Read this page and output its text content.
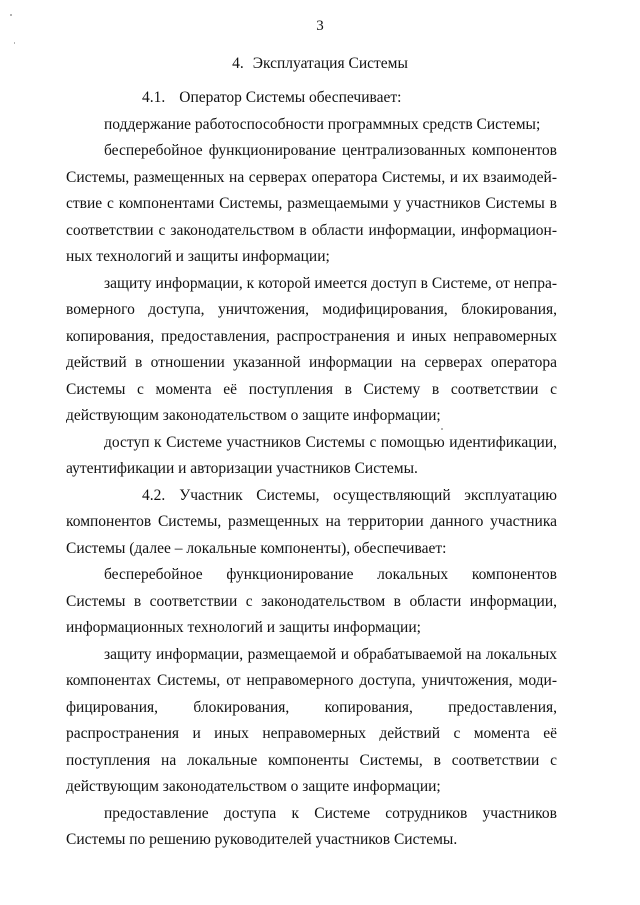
3
4. Эксплуатация Системы

4.1. Оператор Системы обеспечивает:

поддержание работоспособности программных средств Системы;

бесперебойное функционирование централизованных компонентов Системы, размещенных на серверах оператора Системы, и их взаимодействие с компонентами Системы, размещаемыми у участников Системы в соответствии с законодательством в области информации, информационных технологий и защиты информации;

защиту информации, к которой имеется доступ в Системе, от неправомерного доступа, уничтожения, модифицирования, блокирования, копирования, предоставления, распространения и иных неправомерных действий в отношении указанной информации на серверах оператора Системы с момента её поступления в Систему в соответствии с действующим законодательством о защите информации;

доступ к Системе участников Системы с помощью идентификации, аутентификации и авторизации участников Системы.

4.2. Участник Системы, осуществляющий эксплуатацию компонентов Системы, размещенных на территории данного участника Системы (далее – локальные компоненты), обеспечивает:

бесперебойное функционирование локальных компонентов Системы в соответствии с законодательством в области информации, информационных технологий и защиты информации;

защиту информации, размещаемой и обрабатываемой на локальных компонентах Системы, от неправомерного доступа, уничтожения, модифицирования, блокирования, копирования, предоставления, распространения и иных неправомерных действий с момента её поступления на локальные компоненты Системы, в соответствии с действующим законодательством о защите информации;

предоставление доступа к Системе сотрудников участников Системы по решению руководителей участников Системы.
